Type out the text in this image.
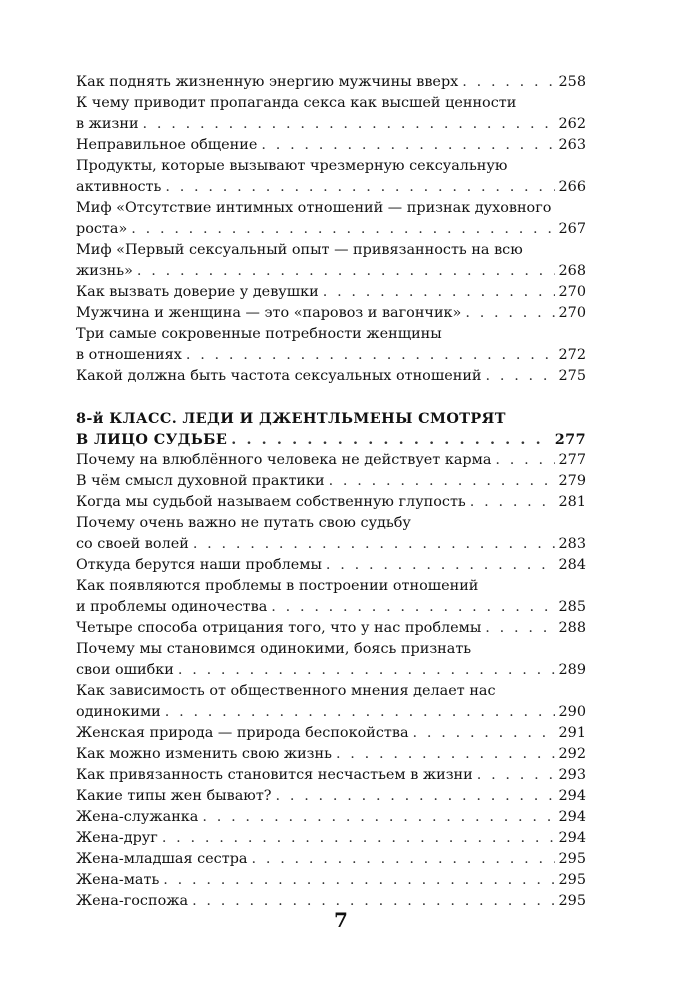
Как поднять жизненную энергию мужчины вверх . . .	258
К чему приводит пропаганда секса как высшей ценности
в жизни . . .	262
Неправильное общение . . .	263
Продукты, которые вызывают чрезмерную сексуальную
активность . . .	266
Миф «Отсутствие интимных отношений — признак духовного
роста» . . .	267
Миф «Первый сексуальный опыт — привязанность на всю
жизнь» . . .	268
Как вызвать доверие у девушки . . .	270
Мужчина и женщина — это «паровоз и вагончик» . . .	270
Три самые сокровенные потребности женщины
в отношениях . . .	272
Какой должна быть частота сексуальных отношений . . .	275
8-й КЛАСС. ЛЕДИ И ДЖЕНТЛЬМЕНЫ СМОТРЯТ
В ЛИЦО СУДЬБЕ . . .	277
Почему на влюблённого человека не действует карма . . .	277
В чём смысл духовной практики . . .	279
Когда мы судьбой называем собственную глупость . . .	281
Почему очень важно не путать свою судьбу
со своей волей . . .	283
Откуда берутся наши проблемы . . .	284
Как появляются проблемы в построении отношений
и проблемы одиночества . . .	285
Четыре способа отрицания того, что у нас проблемы . . .	288
Почему мы становимся одинокими, боясь признать
свои ошибки . . .	289
Как зависимость от общественного мнения делает нас
одинокими . . .	290
Женская природа — природа беспокойства . . .	291
Как можно изменить свою жизнь . . .	292
Как привязанность становится несчастьем в жизни . . .	293
Какие типы жен бывают? . . .	294
Жена-служанка . . .	294
Жена-друг . . .	294
Жена-младшая сестра . . .	295
Жена-мать . . .	295
Жена-госпожа . . .	295
7
